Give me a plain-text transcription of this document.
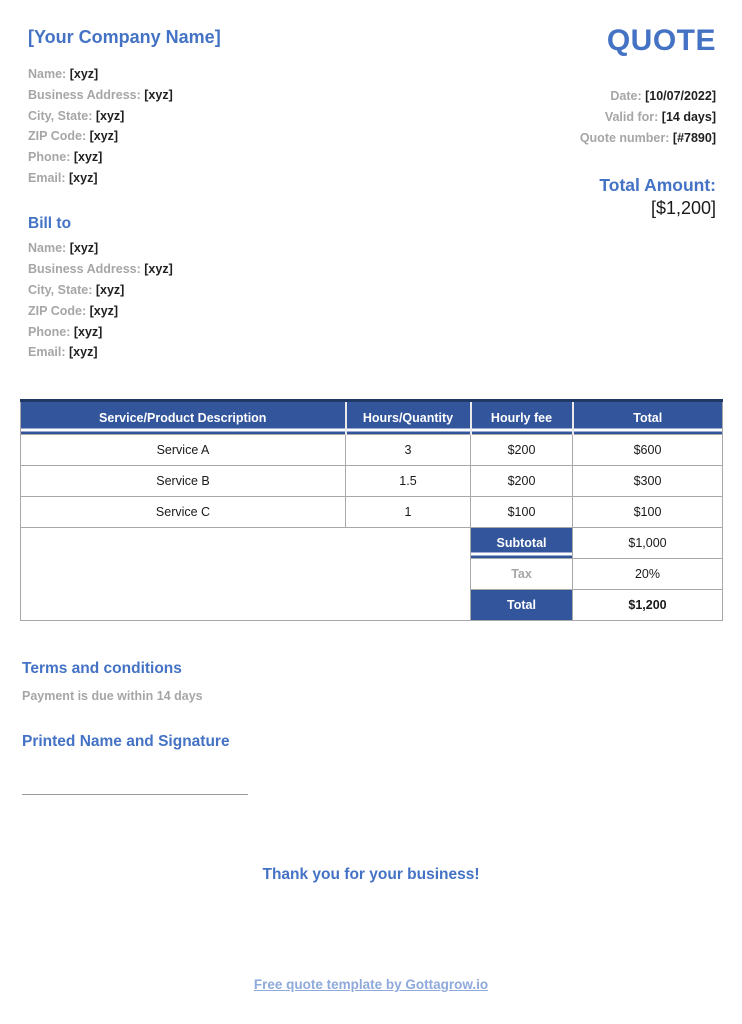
[Your Company Name]
Name: [xyz]
Business Address: [xyz]
City, State: [xyz]
ZIP Code: [xyz]
Phone: [xyz]
Email: [xyz]
QUOTE
Date: [10/07/2022]
Valid for: [14 days]
Quote number: [#7890]
Total Amount:
[$1,200]
Bill to
Name: [xyz]
Business Address: [xyz]
City, State: [xyz]
ZIP Code: [xyz]
Phone: [xyz]
Email: [xyz]
Service/Product Description	Hours/Quantity	Hourly fee	Total
Service A	3	$200	$600
Service B	1.5	$200	$300
Service C	1	$100	$100
		Subtotal	$1,000
		Tax	20%
		Total	$1,200
Terms and conditions
Payment is due within 14 days
Printed Name and Signature
Thank you for your business!
Free quote template by Gottagrow.io
